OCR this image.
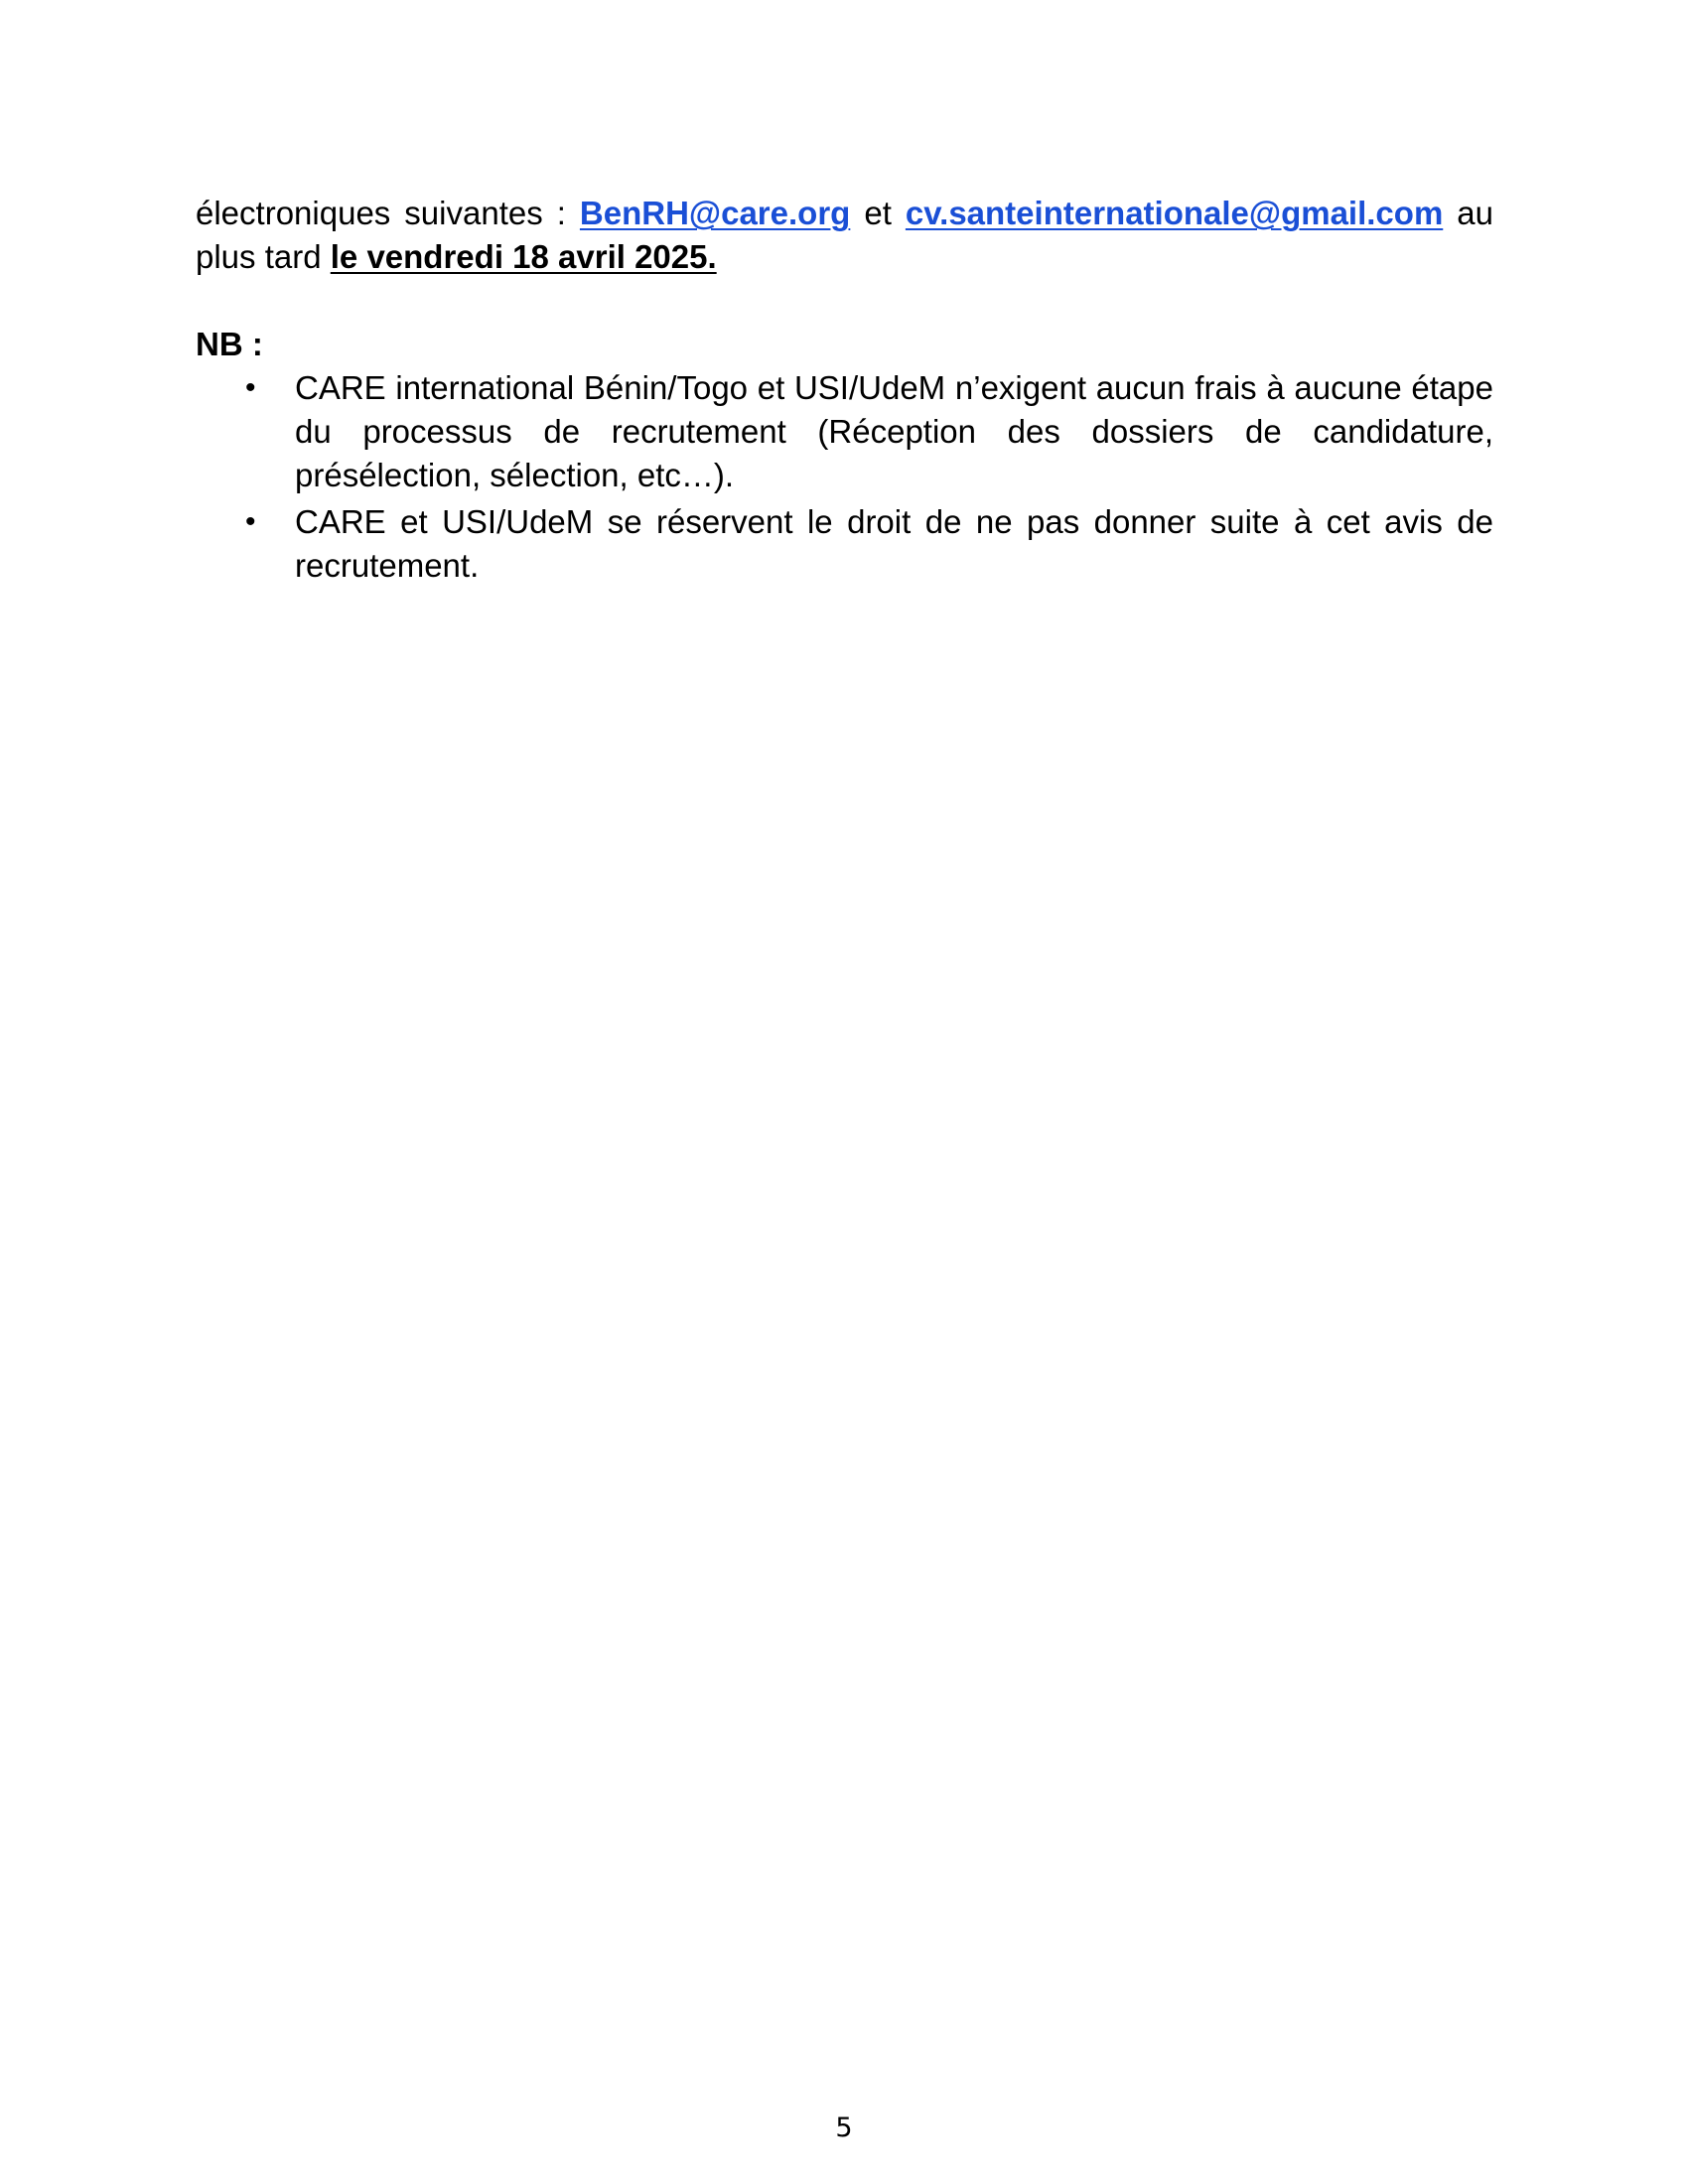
électroniques suivantes : BenRH@care.org et cv.santeinternationale@gmail.com au plus tard le vendredi 18 avril 2025.

NB :

• CARE international Bénin/Togo et USI/UdeM n’exigent aucun frais à aucune étape du processus de recrutement (Réception des dossiers de candidature, présélection, sélection, etc…).
• CARE et USI/UdeM se réservent le droit de ne pas donner suite à cet avis de recrutement.
5
